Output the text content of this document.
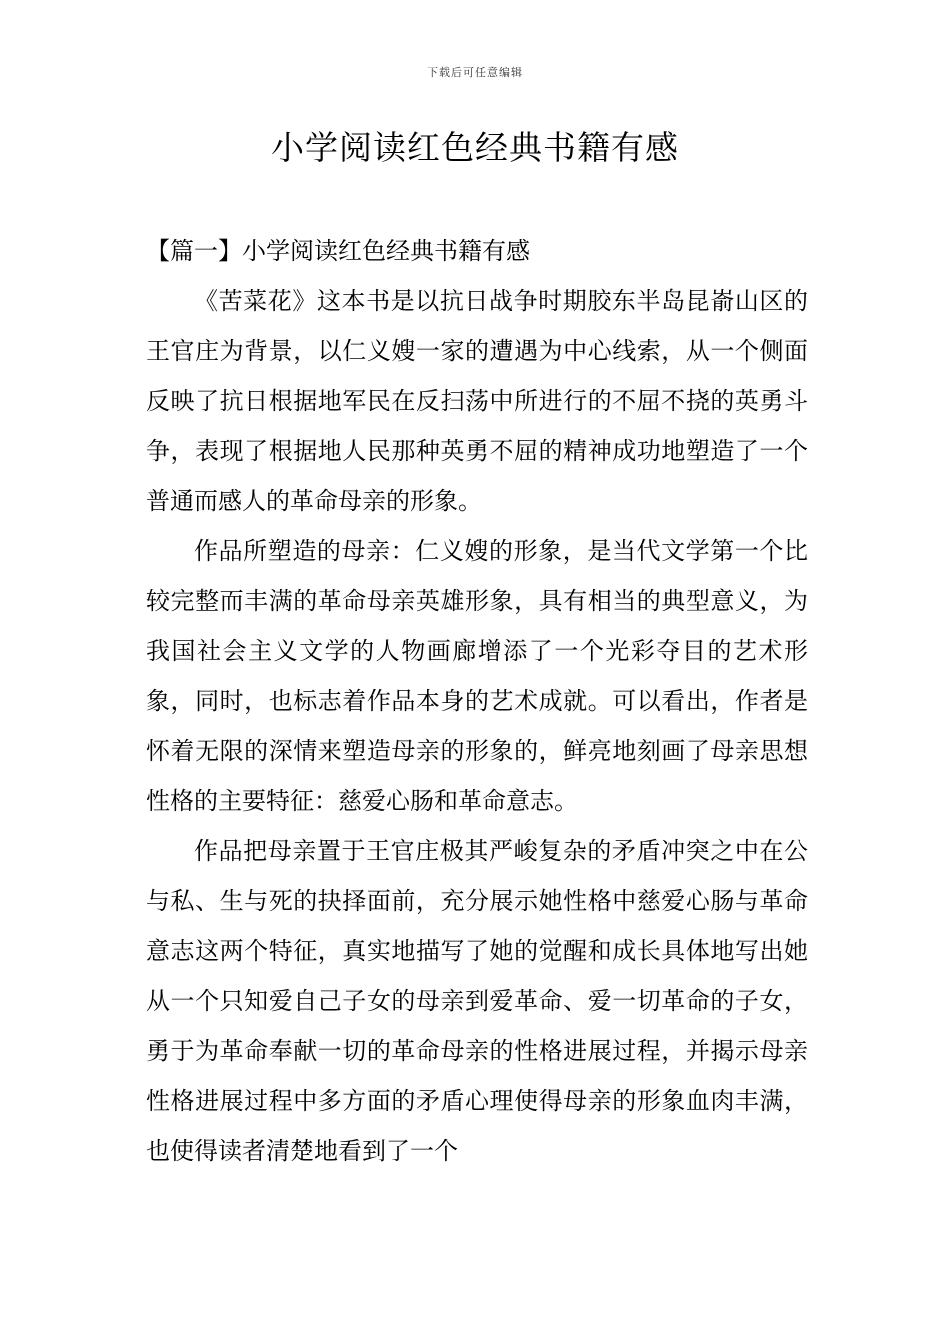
下载后可任意编辑
小学阅读红色经典书籍有感

【篇一】小学阅读红色经典书籍有感

《苦菜花》这本书是以抗日战争时期胶东半岛昆嵛山区的王官庄为背景，以仁义嫂一家的遭遇为中心线索，从一个侧面反映了抗日根据地军民在反扫荡中所进行的不屈不挠的英勇斗争，表现了根据地人民那种英勇不屈的精神成功地塑造了一个普通而感人的革命母亲的形象。

作品所塑造的母亲：仁义嫂的形象，是当代文学第一个比较完整而丰满的革命母亲英雄形象，具有相当的典型意义，为我国社会主义文学的人物画廊增添了一个光彩夺目的艺术形象，同时，也标志着作品本身的艺术成就。可以看出，作者是怀着无限的深情来塑造母亲的形象的，鲜亮地刻画了母亲思想性格的主要特征：慈爱心肠和革命意志。

作品把母亲置于王官庄极其严峻复杂的矛盾冲突之中在公与私、生与死的抉择面前，充分展示她性格中慈爱心肠与革命意志这两个特征，真实地描写了她的觉醒和成长具体地写出她从一个只知爱自己子女的母亲到爱革命、爱一切革命的子女，勇于为革命奉献一切的革命母亲的性格进展过程，并揭示母亲性格进展过程中多方面的矛盾心理使得母亲的形象血肉丰满，也使得读者清楚地看到了一个
